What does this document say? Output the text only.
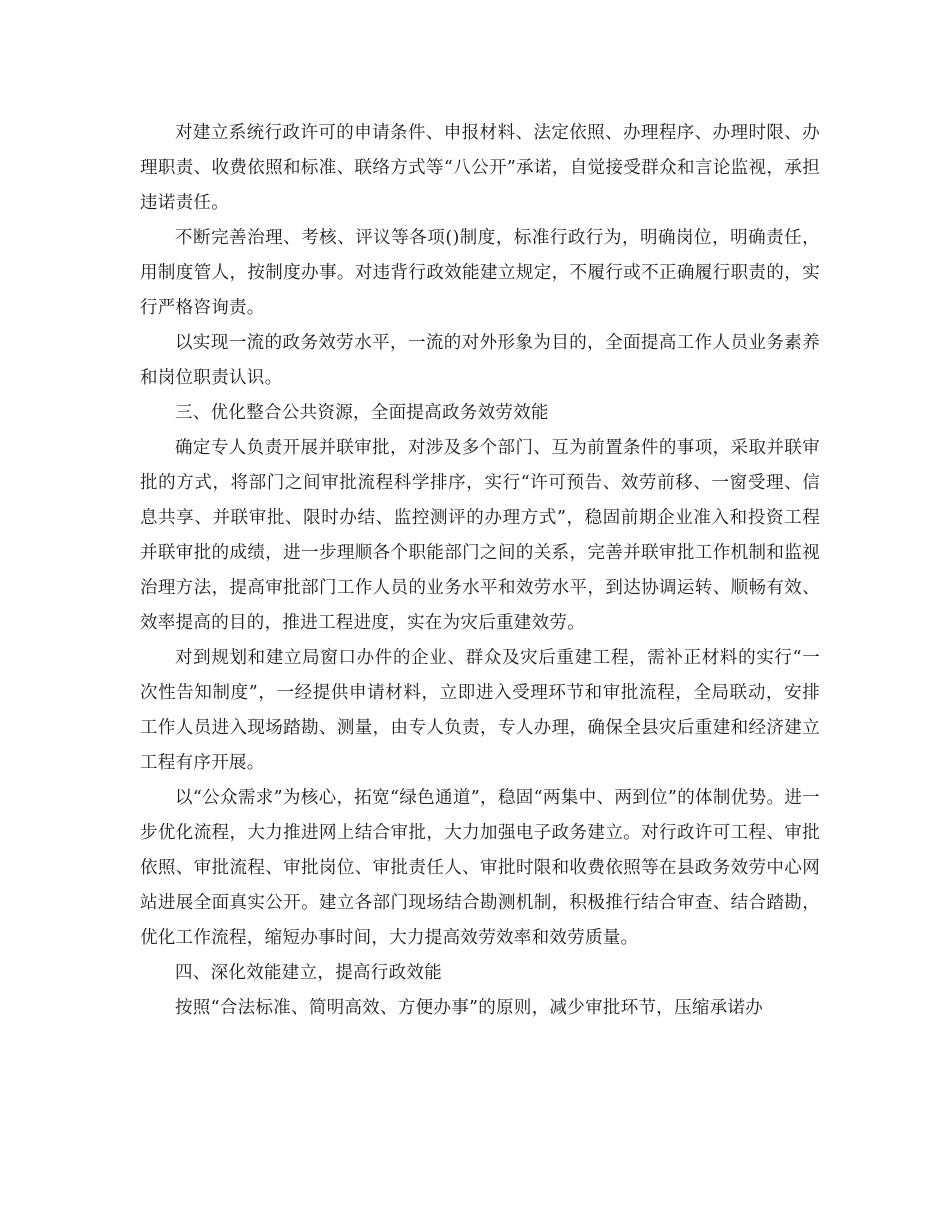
对建立系统行政许可的申请条件、申报材料、法定依照、办理程序、办理时限、办理职责、收费依照和标准、联络方式等“八公开”承诺，自觉接受群众和言论监视，承担违诺责任。

不断完善治理、考核、评议等各项()制度，标准行政行为，明确岗位，明确责任，用制度管人，按制度办事。对违背行政效能建立规定，不履行或不正确履行职责的，实行严格咨询责。

以实现一流的政务效劳水平，一流的对外形象为目的，全面提高工作人员业务素养和岗位职责认识。

三、优化整合公共资源，全面提高政务效劳效能

确定专人负责开展并联审批，对涉及多个部门、互为前置条件的事项，采取并联审批的方式，将部门之间审批流程科学排序，实行“许可预告、效劳前移、一窗受理、信息共享、并联审批、限时办结、监控测评的办理方式”，稳固前期企业准入和投资工程并联审批的成绩，进一步理顺各个职能部门之间的关系，完善并联审批工作机制和监视治理方法，提高审批部门工作人员的业务水平和效劳水平，到达协调运转、顺畅有效、效率提高的目的，推进工程进度，实在为灾后重建效劳。

对到规划和建立局窗口办件的企业、群众及灾后重建工程，需补正材料的实行“一次性告知制度”，一经提供申请材料，立即进入受理环节和审批流程，全局联动，安排工作人员进入现场踏勘、测量，由专人负责，专人办理，确保全县灾后重建和经济建立工程有序开展。

以“公众需求”为核心，拓宽“绿色通道”，稳固“两集中、两到位”的体制优势。进一步优化流程，大力推进网上结合审批，大力加强电子政务建立。对行政许可工程、审批依照、审批流程、审批岗位、审批责任人、审批时限和收费依照等在县政务效劳中心网站进展全面真实公开。建立各部门现场结合勘测机制，积极推行结合审查、结合踏勘，优化工作流程，缩短办事时间，大力提高效劳效率和效劳质量。

四、深化效能建立，提高行政效能

按照“合法标准、简明高效、方便办事”的原则，减少审批环节，压缩承诺办
